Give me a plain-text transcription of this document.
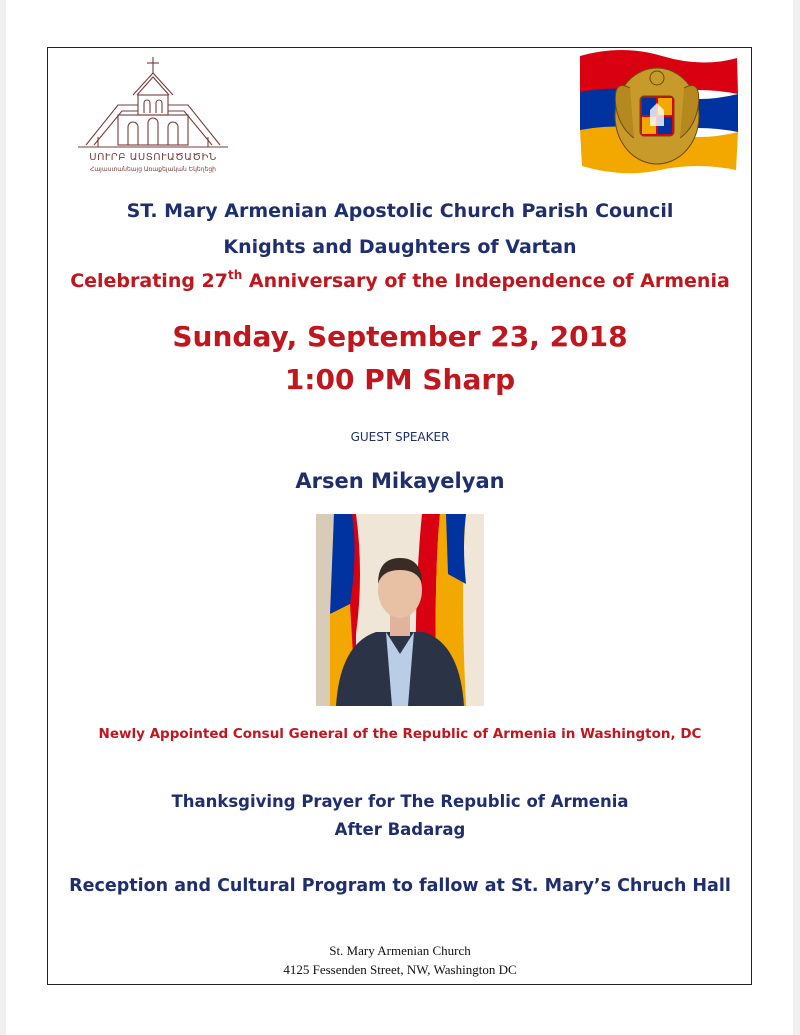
ՍՈՒՐԲ ԱՍՏՈՒԱԾԱԾԻՆ
Հայաստանեայց Առաքելական Եկեղեցի
ST. Mary Armenian Apostolic Church Parish Council
Knights and Daughters of Vartan
Celebrating 27th Anniversary of the Independence of Armenia
Sunday, September 23, 2018
1:00 PM Sharp
GUEST SPEAKER
Arsen Mikayelyan
Newly Appointed Consul General of the Republic of Armenia in Washington, DC
Thanksgiving Prayer for The Republic of Armenia
After Badarag
Reception and Cultural Program to fallow at St. Mary’s Chruch Hall
St. Mary Armenian Church
4125 Fessenden Street, NW, Washington DC
